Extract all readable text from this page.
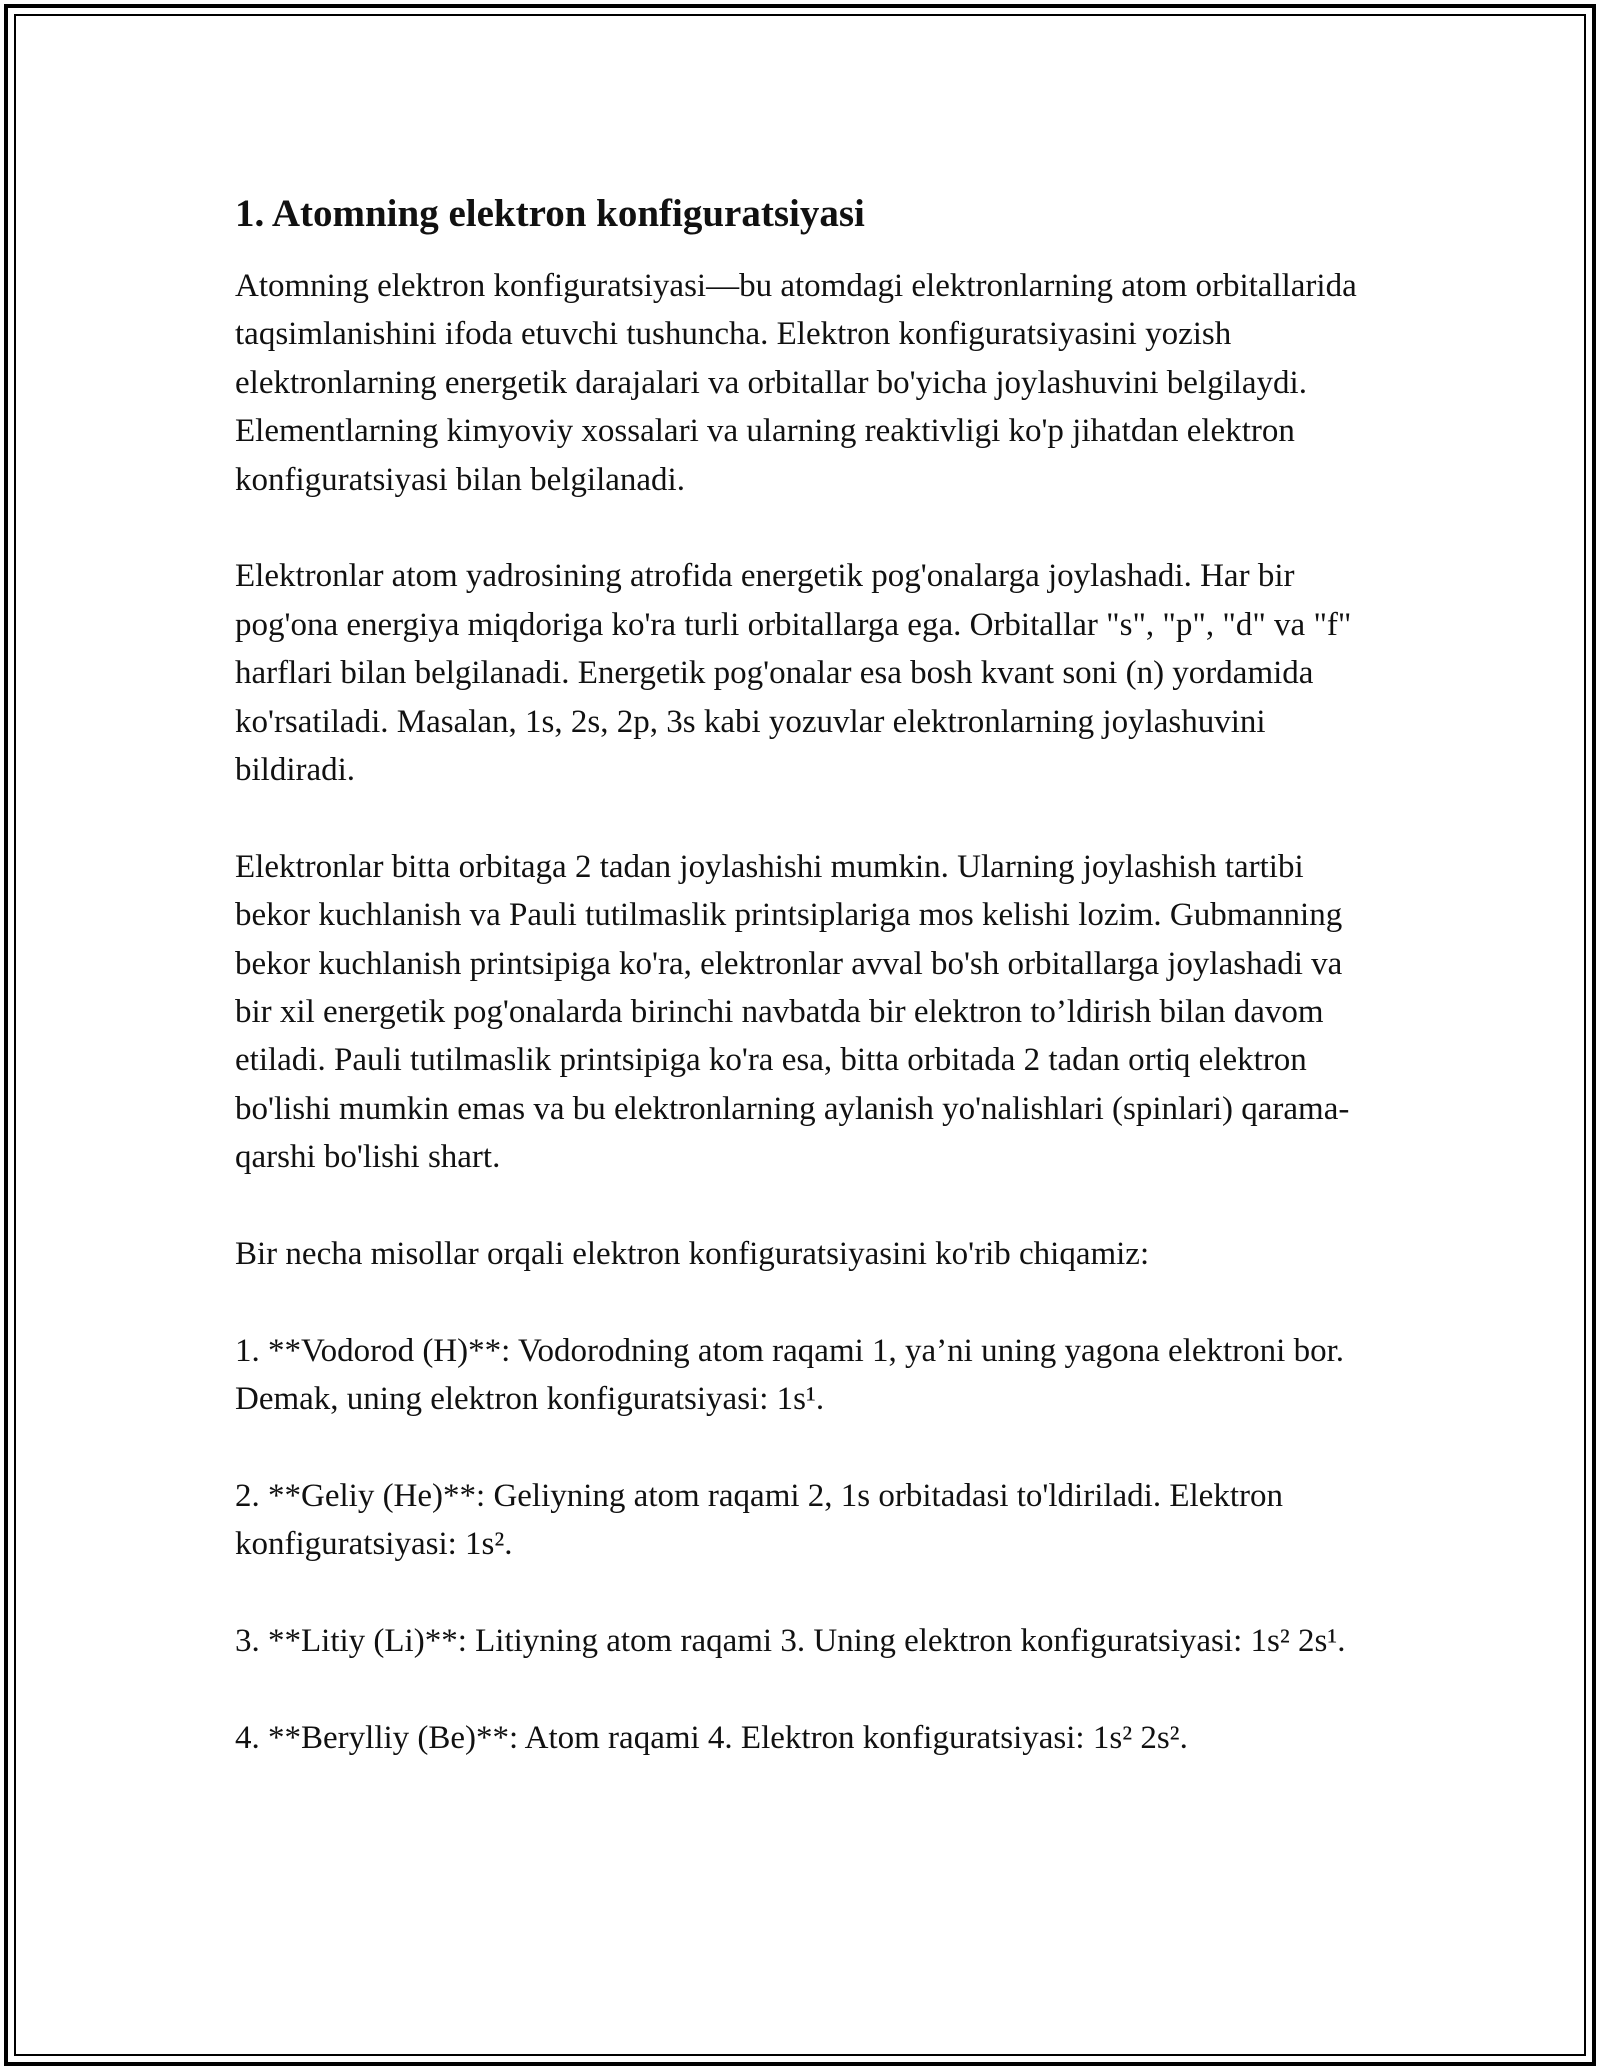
1. Atomning elektron konfiguratsiyasi

Atomning elektron konfiguratsiyasi—bu atomdagi elektronlarning atom orbitallarida taqsimlanishini ifoda etuvchi tushuncha. Elektron konfiguratsiyasini yozish elektronlarning energetik darajalari va orbitallar bo'yicha joylashuvini belgilaydi. Elementlarning kimyoviy xossalari va ularning reaktivligi ko'p jihatdan elektron konfiguratsiyasi bilan belgilanadi.

Elektronlar atom yadrosining atrofida energetik pog'onalarga joylashadi. Har bir pog'ona energiya miqdoriga ko'ra turli orbitallarga ega. Orbitallar "s", "p", "d" va "f" harflari bilan belgilanadi. Energetik pog'onalar esa bosh kvant soni (n) yordamida ko'rsatiladi. Masalan, 1s, 2s, 2p, 3s kabi yozuvlar elektronlarning joylashuvini bildiradi.

Elektronlar bitta orbitaga 2 tadan joylashishi mumkin. Ularning joylashish tartibi bekor kuchlanish va Pauli tutilmaslik printsiplariga mos kelishi lozim. Gubmanning bekor kuchlanish printsipiga ko'ra, elektronlar avval bo'sh orbitallarga joylashadi va bir xil energetik pog'onalarda birinchi navbatda bir elektron to’ldirish bilan davom etiladi. Pauli tutilmaslik printsipiga ko'ra esa, bitta orbitada 2 tadan ortiq elektron bo'lishi mumkin emas va bu elektronlarning aylanish yo'nalishlari (spinlari) qarama-qarshi bo'lishi shart.

Bir necha misollar orqali elektron konfiguratsiyasini ko'rib chiqamiz:

1. **Vodorod (H)**: Vodorodning atom raqami 1, ya’ni uning yagona elektroni bor. Demak, uning elektron konfiguratsiyasi: 1s¹.

2. **Geliy (He)**: Geliyning atom raqami 2, 1s orbitadasi to'ldiriladi. Elektron konfiguratsiyasi: 1s².

3. **Litiy (Li)**: Litiyning atom raqami 3. Uning elektron konfiguratsiyasi: 1s² 2s¹.

4. **Berylliy (Be)**: Atom raqami 4. Elektron konfiguratsiyasi: 1s² 2s².
